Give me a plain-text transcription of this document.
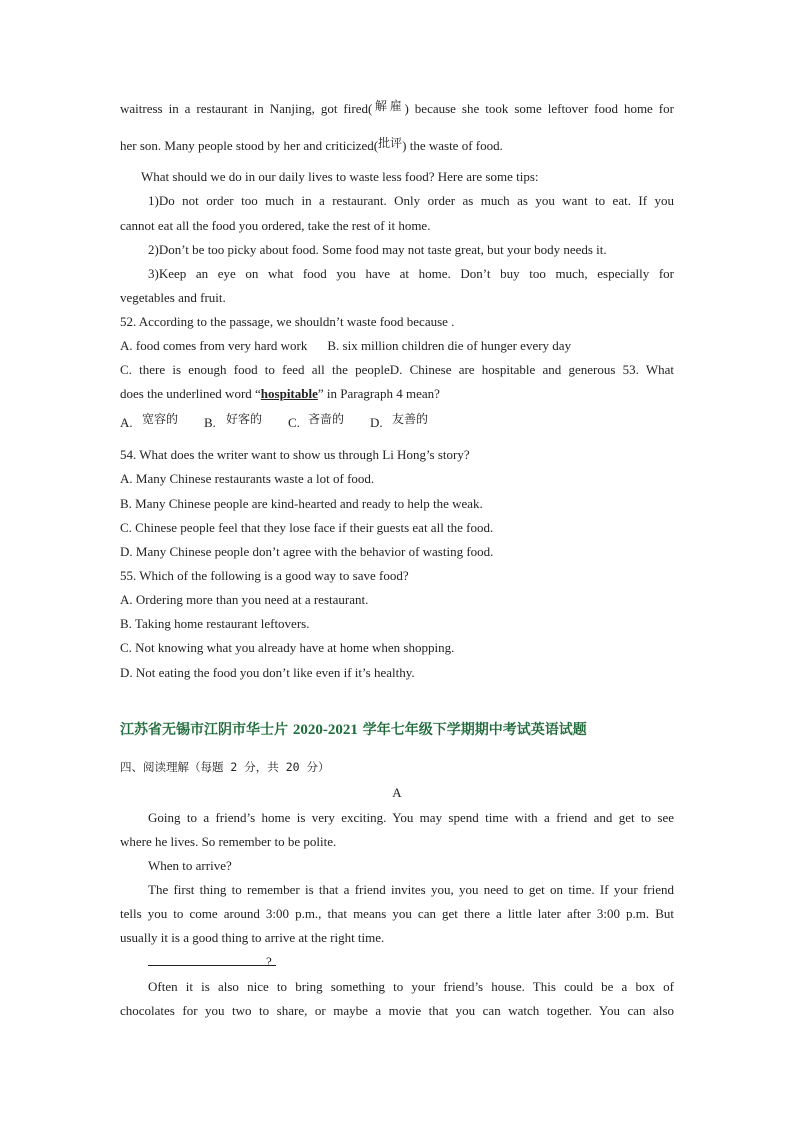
waitress in a restaurant in Nanjing, got fired(解雇) because she took some leftover food home for
her son. Many people stood by her and criticized(批评) the waste of food.
What should we do in our daily lives to waste less food? Here are some tips:
1)Do not order too much in a restaurant. Only order as much as you want to eat. If you
cannot eat all the food you ordered, take the rest of it home.
2)Don’t be too picky about food. Some food may not taste great, but your body needs it.
3)Keep an eye on what food you have at home. Don’t buy too much, especially for
vegetables and fruit.
52. According to the passage, we shouldn’t waste food because .
A. food comes from very hard work B. six million children die of hunger every day
C. there is enough food to feed all the peopleD. Chinese are hospitable and generous 53. What
does the underlined word “hospitable” in Paragraph 4 mean?
A. 宽容的 B. 好客的 C. 吝啬的 D. 友善的
54. What does the writer want to show us through Li Hong’s story?
A. Many Chinese restaurants waste a lot of food.
B. Many Chinese people are kind-hearted and ready to help the weak.
C. Chinese people feel that they lose face if their guests eat all the food.
D. Many Chinese people don’t agree with the behavior of wasting food.
55. Which of the following is a good way to save food?
A. Ordering more than you need at a restaurant.
B. Taking home restaurant leftovers.
C. Not knowing what you already have at home when shopping.
D. Not eating the food you don’t like even if it’s healthy.
江苏省无锡市江阴市华士片 2020-2021 学年七年级下学期期中考试英语试题
四、阅读理解（每题 2 分，共 20 分）
A
Going to a friend’s home is very exciting. You may spend time with a friend and get to see
where he lives. So remember to be polite.
When to arrive?
The first thing to remember is that a friend invites you, you need to get on time. If your friend
tells you to come around 3:00 p.m., that means you can get there a little later after 3:00 p.m. But
usually it is a good thing to arrive at the right time.
?
Often it is also nice to bring something to your friend’s house. This could be a box of
chocolates for you two to share, or maybe a movie that you can watch together. You can also
